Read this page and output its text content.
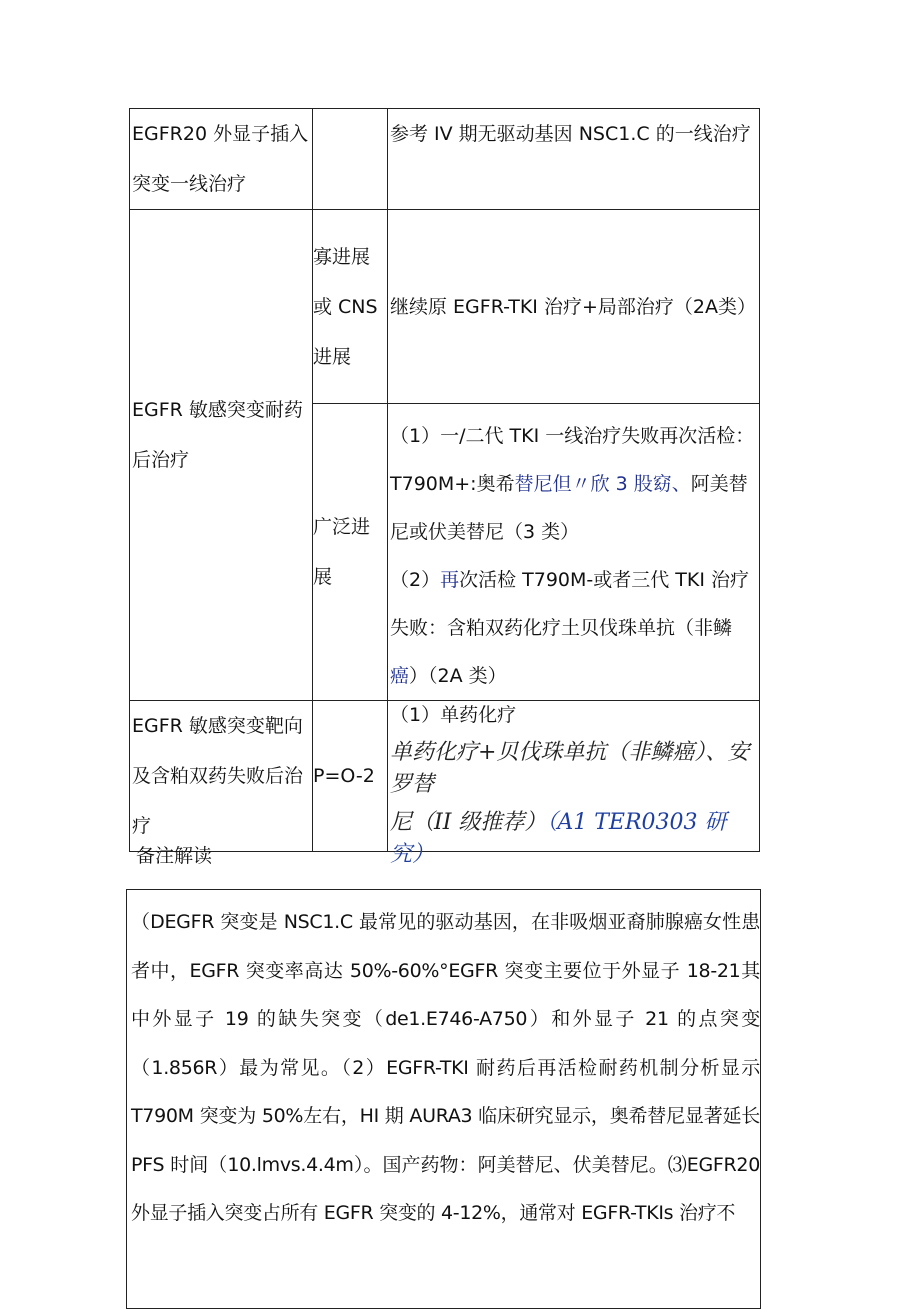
EGFR20 外显子插入突变一线治疗		参考 IV 期无驱动基因 NSC1.C 的一线治疗
EGFR 敏感突变耐药后治疗	寡进展或 CNS 进展	继续原 EGFR-TKI 治疗+局部治疗（2A类）
	广泛进展	（1）一/二代 TKI 一线治疗失败再次活检：T790M+:奥希替尼但〃欣 3 股窈、阿美替尼或伏美替尼（3 类）
（2）再次活检 T790M-或者三代 TKI 治疗失败：含粕双药化疗土贝伐珠单抗（非鳞癌）（2A 类）
EGFR 敏感突变靶向及含粕双药失败后治疗	P=O-2	（1）单药化疗
单药化疗+贝伐珠单抗（非鳞癌）、安罗替
尼（II 级推荐）（A1 TER0303 研究）
备注解读

（DEGFR 突变是 NSC1.C 最常见的驱动基因，在非吸烟亚裔肺腺癌女性患者中，EGFR 突变率高达 50%-60%°EGFR 突变主要位于外显子 18-21其中外显子 19 的缺失突变（de1.E746-A750）和外显子 21 的点突变（1.856R）最为常见。（2）EGFR-TKI 耐药后再活检耐药机制分析显示T790M 突变为 50%左右，HI 期 AURA3 临床研究显示，奥希替尼显著延长 PFS 时间（10.lmvs.4.4m）。国产药物：阿美替尼、伏美替尼。⑶EGFR20外显子插入突变占所有 EGFR 突变的 4-12%，通常对 EGFR-TKIs 治疗不
